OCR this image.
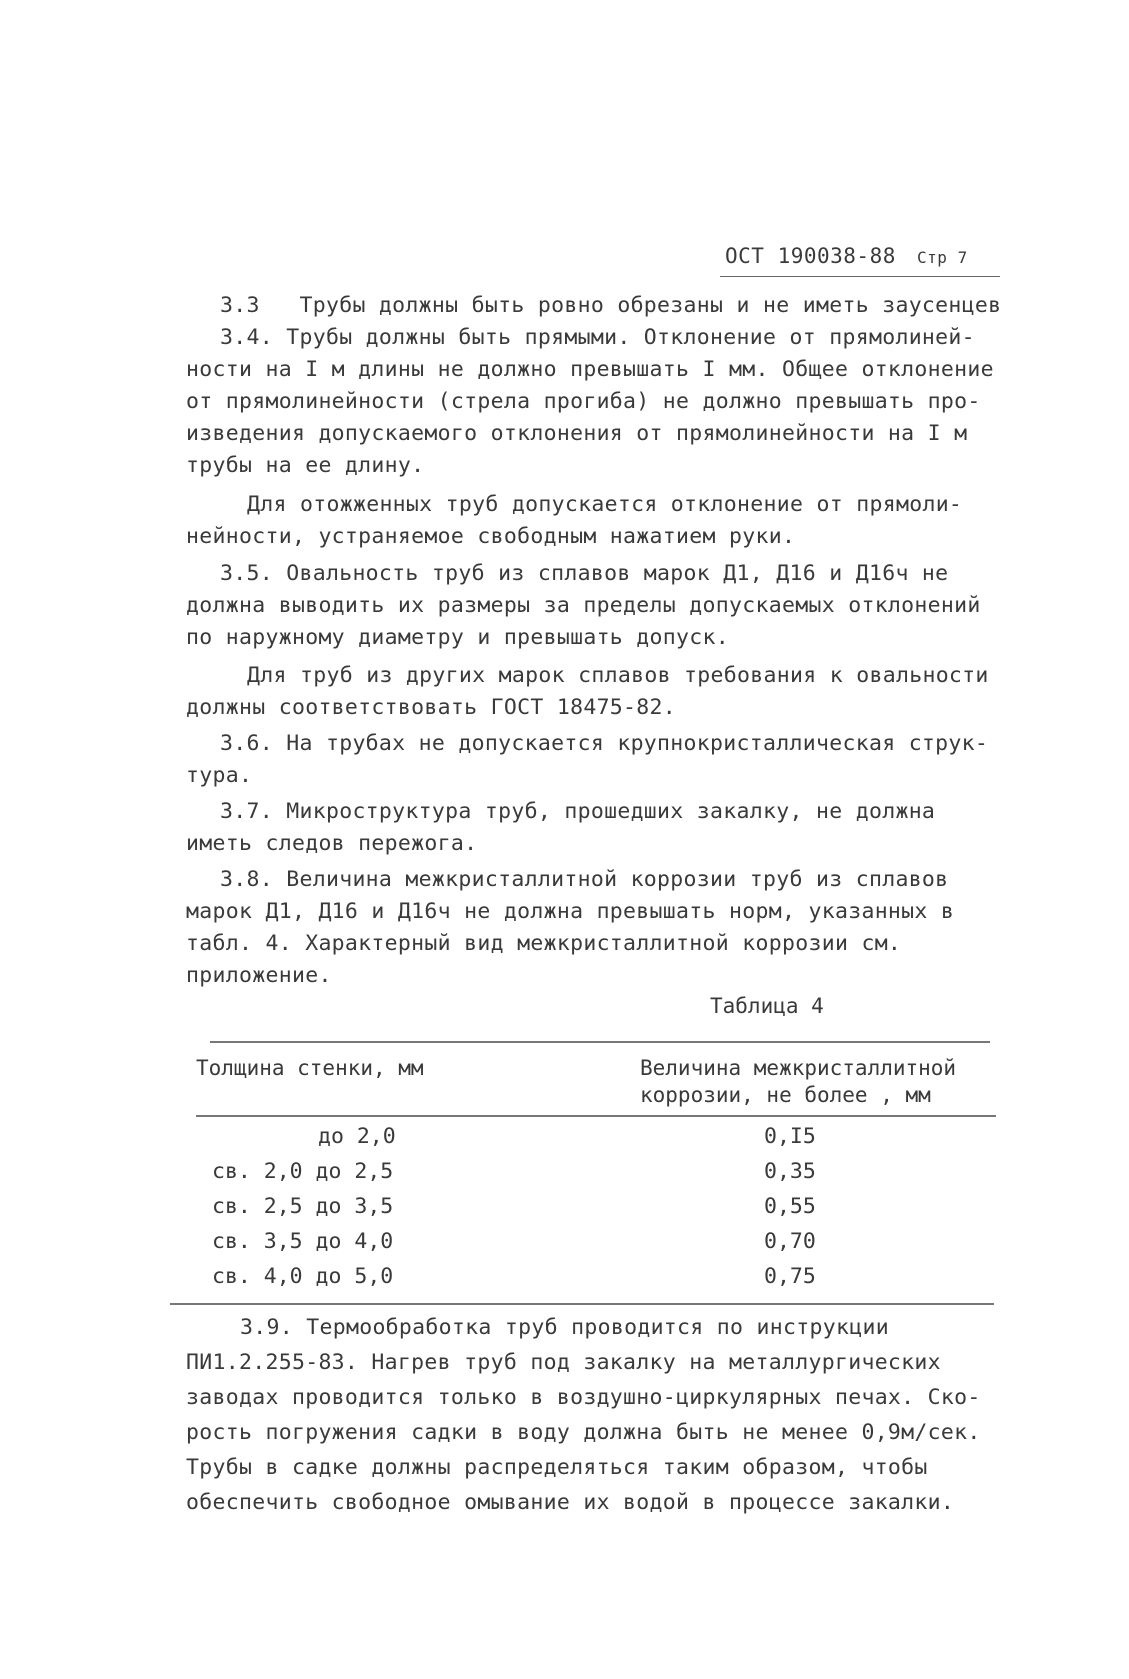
ОСТ 190038-88 Стр 7
3.3   Трубы должны быть ровно обрезаны и не иметь заусенцев
3.4. Трубы должны быть прямыми. Отклонение от прямолиней-
ности на I м длины не должно превышать I мм. Общее отклонение
от прямолинейности (стрела прогиба) не должно превышать про-
изведения допускаемого отклонения от прямолинейности на I м
трубы на ее длину.
Для отожженных труб допускается отклонение от прямоли-
нейности, устраняемое свободным нажатием руки.
3.5. Овальность труб из сплавов марок Д1, Д16 и Д16ч не
должна выводить их размеры за пределы допускаемых отклонений
по наружному диаметру и превышать допуск.
Для труб из других марок сплавов требования к овальности
должны соответствовать ГОСТ 18475-82.
3.6. На трубах не допускается крупнокристаллическая струк-
тура.
3.7. Микроструктура труб, прошедших закалку, не должна
иметь следов пережога.
3.8. Величина межкристаллитной коррозии труб из сплавов
марок Д1, Д16 и Д16ч не должна превышать норм, указанных в
табл. 4. Характерный вид межкристаллитной коррозии см.
приложение.
Таблица 4
Толщина стенки, мм	Величина межкристаллитной
коррозии, не более , мм
до 2,0	0,I5
св. 2,0 до 2,5	0,35
св. 2,5 до 3,5	0,55
св. 3,5 до 4,0	0,70
св. 4,0 до 5,0	0,75
3.9. Термообработка труб проводится по инструкции
ПИ1.2.255-83. Нагрев труб под закалку на металлургических
заводах проводится только в воздушно-циркулярных печах. Ско-
рость погружения садки в воду должна быть не менее 0,9м/сек.
Трубы в садке должны распределяться таким образом, чтобы
обеспечить свободное омывание их водой в процессе закалки.
